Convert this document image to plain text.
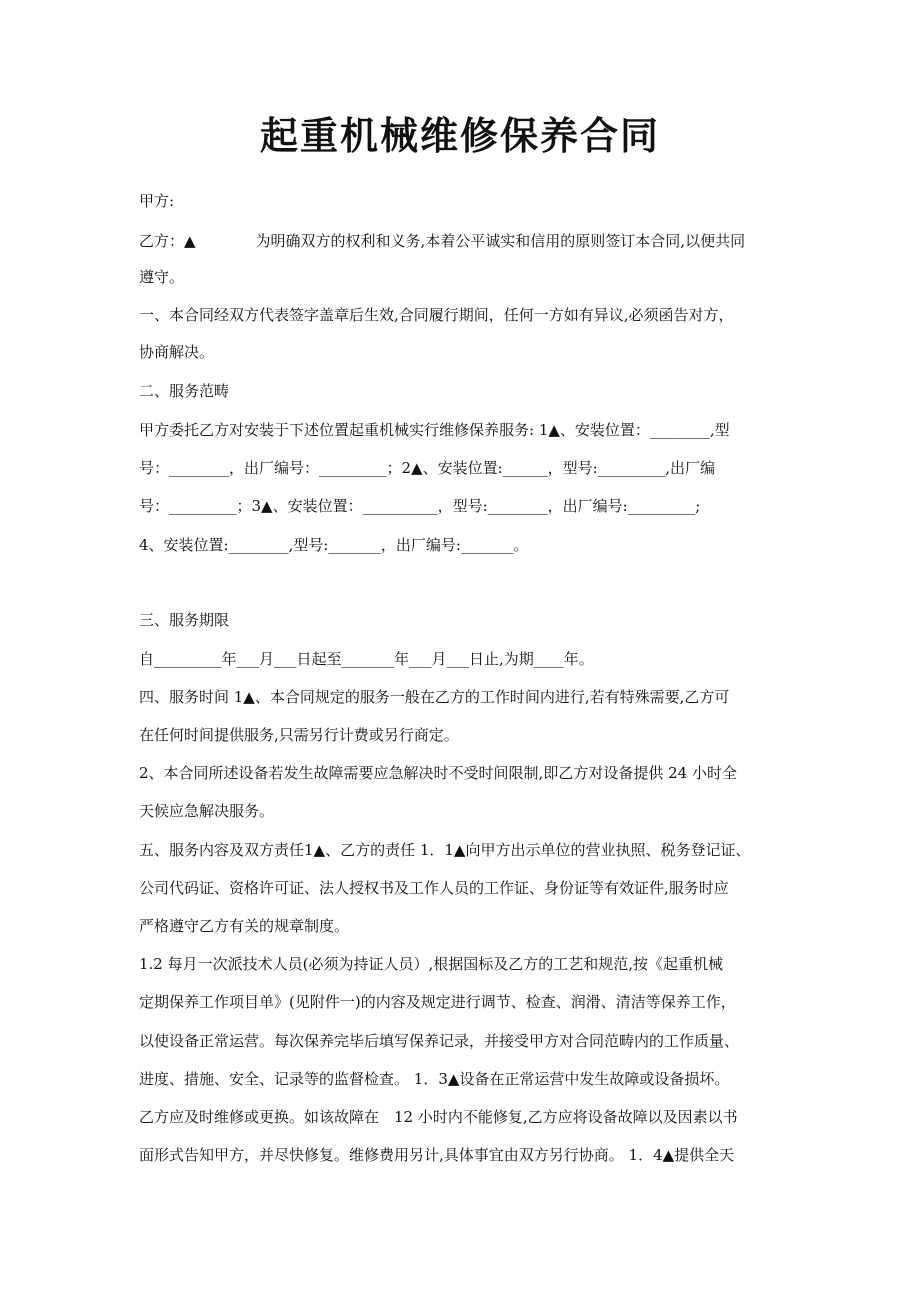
起重机械维修保养合同
甲方:
乙方：▲　　　　为明确双方的权利和义务,本着公平诚实和信用的原则签订本合同,以便共同
遵守。
一、本合同经双方代表签字盖章后生效,合同履行期间，任何一方如有异议,必须函告对方，
协商解决。
二、服务范畴
甲方委托乙方对安装于下述位置起重机械实行维修保养服务: 1▲、安装位置：________,型
号：________，出厂编号：_________；2▲、安装位置:______，型号:_________,出厂编
号：_________；3▲、安装位置：__________，型号:________，出厂编号:_________;
4、安装位置:________,型号:_______，出厂编号:_______。
三、服务期限
自_________年___月___日起至_______年___月___日止,为期____年。
四、服务时间 1▲、本合同规定的服务一般在乙方的工作时间内进行,若有特殊需要,乙方可
在任何时间提供服务,只需另行计费或另行商定。
2、本合同所述设备若发生故障需要应急解决时不受时间限制,即乙方对设备提供 24 小时全
天候应急解决服务。
五、服务内容及双方责任1▲、乙方的责任 1．1▲向甲方出示单位的营业执照、税务登记证、
公司代码证、资格许可证、法人授权书及工作人员的工作证、身份证等有效证件,服务时应
严格遵守乙方有关的规章制度。
1.2 每月一次派技术人员(必须为持证人员）,根据国标及乙方的工艺和规范,按《起重机械
定期保养工作项目单》(见附件一)的内容及规定进行调节、检查、润滑、清洁等保养工作，
以使设备正常运营。每次保养完毕后填写保养记录，并接受甲方对合同范畴内的工作质量、
进度、措施、安全、记录等的监督检查。 1．3▲设备在正常运营中发生故障或设备损坏。
乙方应及时维修或更换。如该故障在　12 小时内不能修复,乙方应将设备故障以及因素以书
面形式告知甲方，并尽快修复。维修费用另计,具体事宜由双方另行协商。 1．4▲提供全天
